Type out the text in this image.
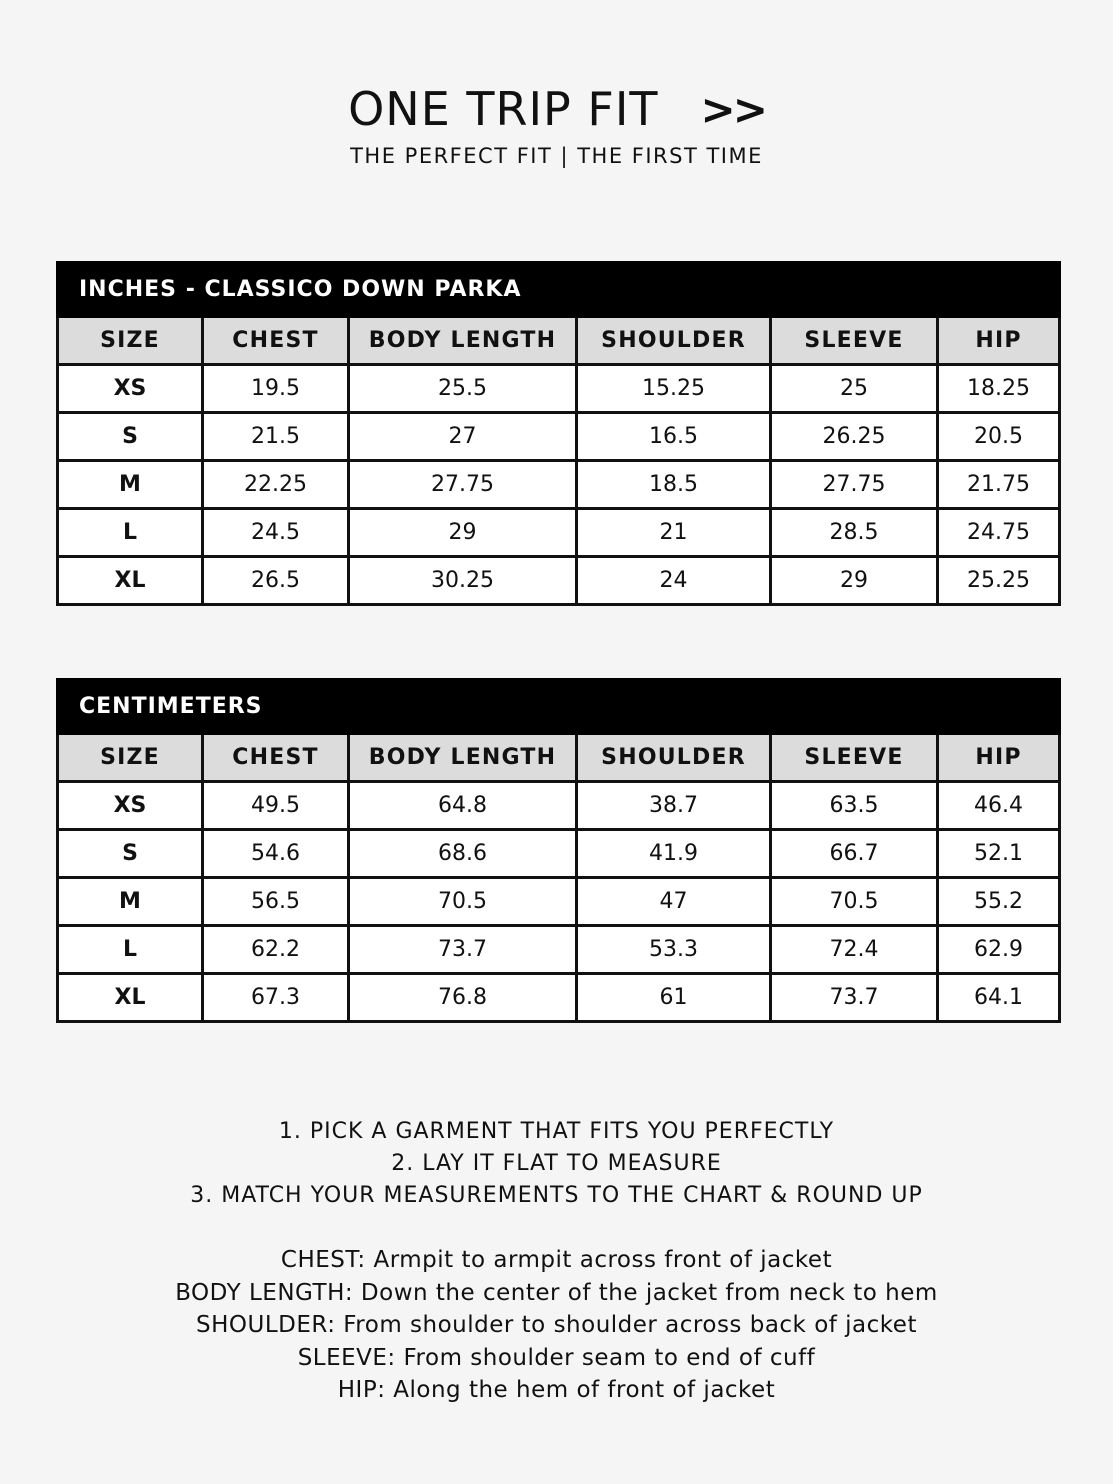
ONE TRIP FIT >>
THE PERFECT FIT | THE FIRST TIME
INCHES - CLASSICO DOWN PARKA					
SIZE	CHEST	BODY LENGTH	SHOULDER	SLEEVE	HIP
XS	19.5	25.5	15.25	25	18.25
S	21.5	27	16.5	26.25	20.5
M	22.25	27.75	18.5	27.75	21.75
L	24.5	29	21	28.5	24.75
XL	26.5	30.25	24	29	25.25
CENTIMETERS					
SIZE	CHEST	BODY LENGTH	SHOULDER	SLEEVE	HIP
XS	49.5	64.8	38.7	63.5	46.4
S	54.6	68.6	41.9	66.7	52.1
M	56.5	70.5	47	70.5	55.2
L	62.2	73.7	53.3	72.4	62.9
XL	67.3	76.8	61	73.7	64.1
1. PICK A GARMENT THAT FITS YOU PERFECTLY
2. LAY IT FLAT TO MEASURE
3. MATCH YOUR MEASUREMENTS TO THE CHART & ROUND UP
CHEST: Armpit to armpit across front of jacket
BODY LENGTH: Down the center of the jacket from neck to hem
SHOULDER: From shoulder to shoulder across back of jacket
SLEEVE: From shoulder seam to end of cuff
HIP: Along the hem of front of jacket
